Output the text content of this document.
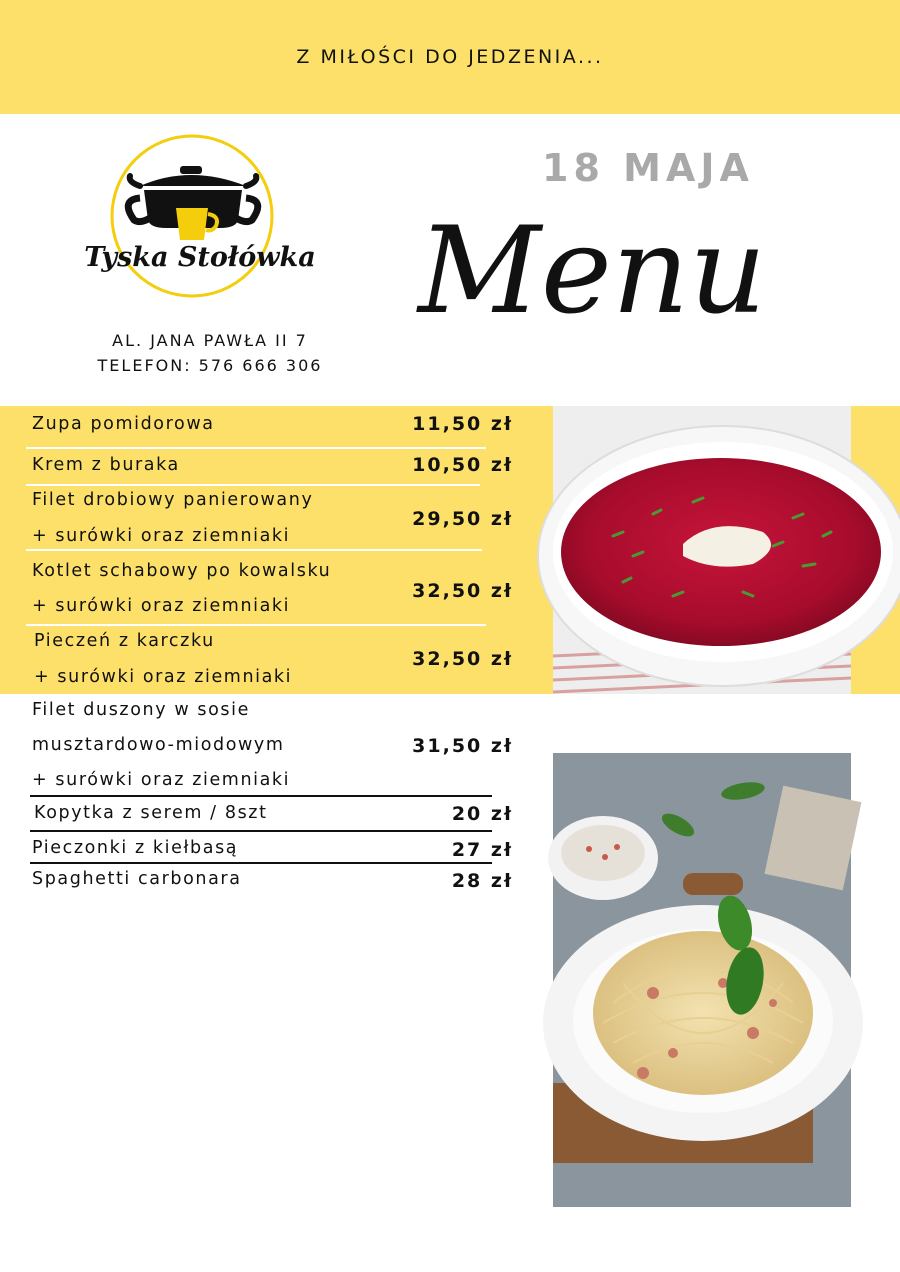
Z MIŁOŚCI DO JEDZENIA...
Tyska Stołówka
AL. JANA PAWŁA II 7
TELEFON: 576 666 306
18 MAJA
Menu
Zupa pomidorowa	11,50 zł
Krem z buraka	10,50 zł
Filet drobiowy panierowany
+ surówki oraz ziemniaki
29,50 zł
Kotlet schabowy po kowalsku
+ surówki oraz ziemniaki
32,50 zł
Pieczeń z karczku
+ surówki oraz ziemniaki
32,50 zł
Filet duszony w sosie
musztardowo-miodowym
+ surówki oraz ziemniaki
31,50 zł
Kopytka z serem / 8szt	20 zł
Pieczonki z kiełbasą	27 zł
Spaghetti carbonara	28 zł
